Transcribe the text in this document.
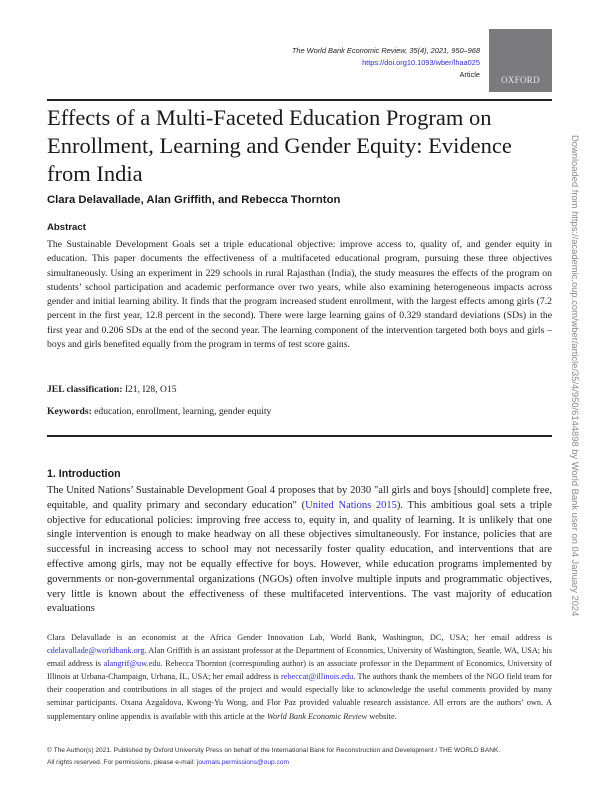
The World Bank Economic Review, 35(4), 2021, 950–968
https://doi.org10.1093/wber/lhaa025
Article
OXFORD
Effects of a Multi-Faceted Education Program on Enrollment, Learning and Gender Equity: Evidence from India

Clara Delavallade, Alan Griffith, and Rebecca Thornton

Abstract

The Sustainable Development Goals set a triple educational objective: improve access to, quality of, and gender equity in education. This paper documents the effectiveness of a multifaceted educational program, pursuing these three objectives simultaneously. Using an experiment in 229 schools in rural Rajasthan (India), the study measures the effects of the program on students’ school participation and academic performance over two years, while also examining heterogeneous impacts across gender and initial learning ability. It finds that the program increased student enrollment, with the largest effects among girls (7.2 percent in the first year, 12.8 percent in the second). There were large learning gains of 0.329 standard deviations (SDs) in the first year and 0.206 SDs at the end of the second year. The learning component of the intervention targeted both boys and girls – boys and girls benefited equally from the program in terms of test score gains.

JEL classification: I21, I28, O15

Keywords: education, enrollment, learning, gender equity

1. Introduction

The United Nations’ Sustainable Development Goal 4 proposes that by 2030 "all girls and boys [should] complete free, equitable, and quality primary and secondary education" (United Nations 2015). This ambitious goal sets a triple objective for educational policies: improving free access to, equity in, and quality of learning. It is unlikely that one single intervention is enough to make headway on all these objectives simultaneously. For instance, policies that are successful in increasing access to school may not necessarily foster quality education, and interventions that are effective among girls, may not be equally effective for boys. However, while education programs implemented by governments or non-governmental organizations (NGOs) often involve multiple inputs and programmatic objectives, very little is known about the effectiveness of these multifaceted interventions. The vast majority of education evaluations

Clara Delavallade is an economist at the Africa Gender Innovation Lab, World Bank, Washington, DC, USA; her email address is cdelavallade@worldbank.org. Alan Griffith is an assistant professor at the Department of Economics, University of Washington, Seattle, WA, USA; his email address is alangrif@uw.edu. Rebecca Thornton (corresponding author) is an associate professor in the Department of Economics, University of Illinois at Urbana-Champaign, Urbana, IL, USA; her email address is rebeccat@illinois.edu. The authors thank the members of the NGO field team for their cooperation and contributions in all stages of the project and would especially like to acknowledge the useful comments provided by many seminar participants. Oxana Azgaldova, Kwong-Yu Wong, and Flor Paz provided valuable research assistance. All errors are the authors’ own. A supplementary online appendix is available with this article at the World Bank Economic Review website.

© The Author(s) 2021. Published by Oxford University Press on behalf of the International Bank for Reconstruction and Development / THE WORLD BANK.
All rights reserved. For permissions, please e-mail: journals.permissions@oup.com
Downloaded from https://academic.oup.com/wber/article/35/4/950/6144898 by World Bank user on 04 January 2024
